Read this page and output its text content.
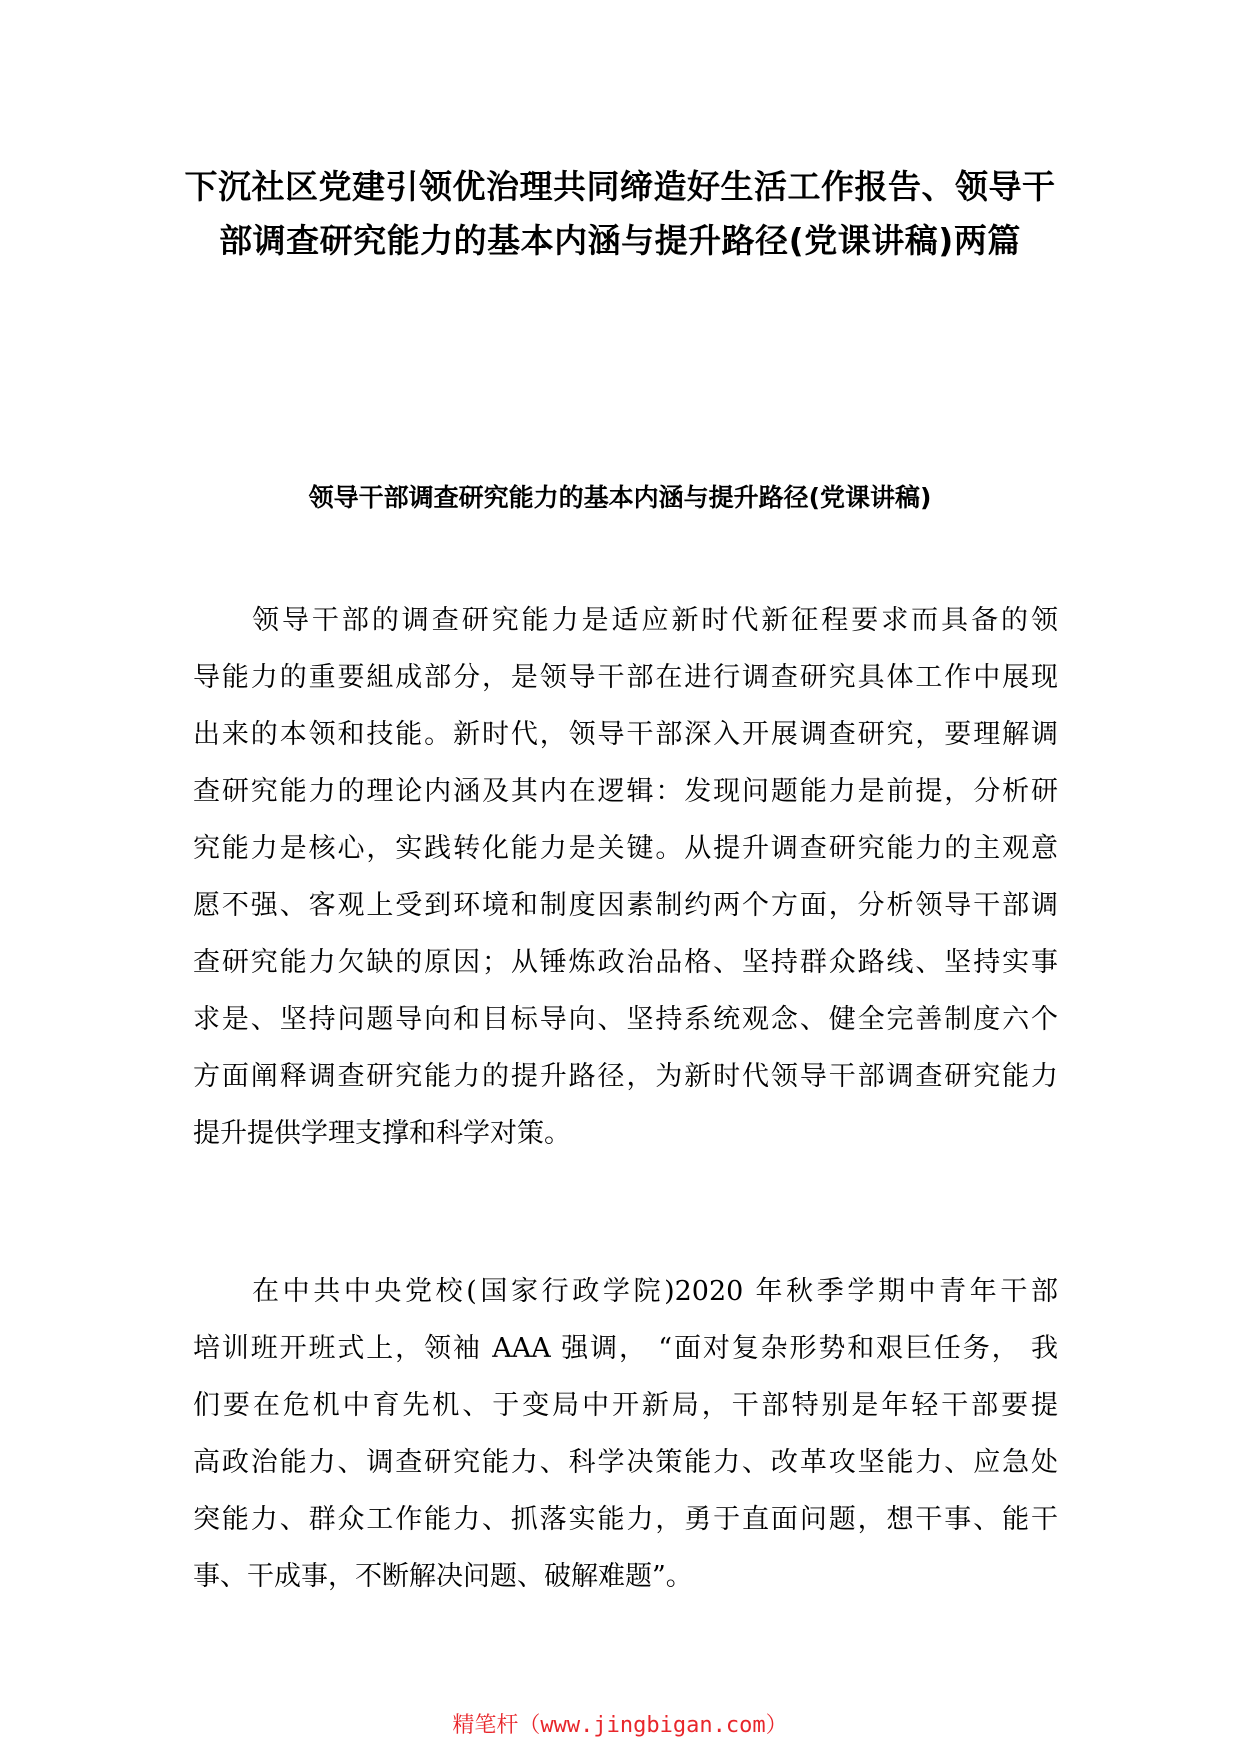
下沉社区党建引领优治理共同缔造好生活工作报告、领导干
部调查研究能力的基本内涵与提升路径(党课讲稿)两篇
领导干部调查研究能力的基本内涵与提升路径(党课讲稿)
领导干部的调查研究能力是适应新时代新征程要求而具备的领
导能力的重要組成部分，是领导干部在进行调查研究具体工作中展现
出来的本领和技能。新时代，领导干部深入开展调查研究，要理解调
查研究能力的理论内涵及其内在逻辑：发现问题能力是前提，分析研
究能力是核心，实践转化能力是关键。从提升调查研究能力的主观意
愿不强、客观上受到环境和制度因素制约两个方面，分析领导干部调
查研究能力欠缺的原因；从锤炼政治品格、坚持群众路线、坚持实事
求是、坚持问题导向和目标导向、坚持系统观念、健全完善制度六个
方面阐释调查研究能力的提升路径，为新时代领导干部调查研究能力
提升提供学理支撑和科学对策。
在中共中央党校(国家行政学院)2020 年秋季学期中青年干部
培训班开班式上，领袖 AAA 强调， “面对复杂形势和艰巨任务， 我
们要在危机中育先机、于变局中开新局，干部特别是年轻干部要提
高政治能力、调查研究能力、科学决策能力、改革攻坚能力、应急处
突能力、群众工作能力、抓落实能力，勇于直面问题，想干事、能干
事、干成事，不断解决问题、破解难题”。

精笔杆（www.jingbigan.com）
